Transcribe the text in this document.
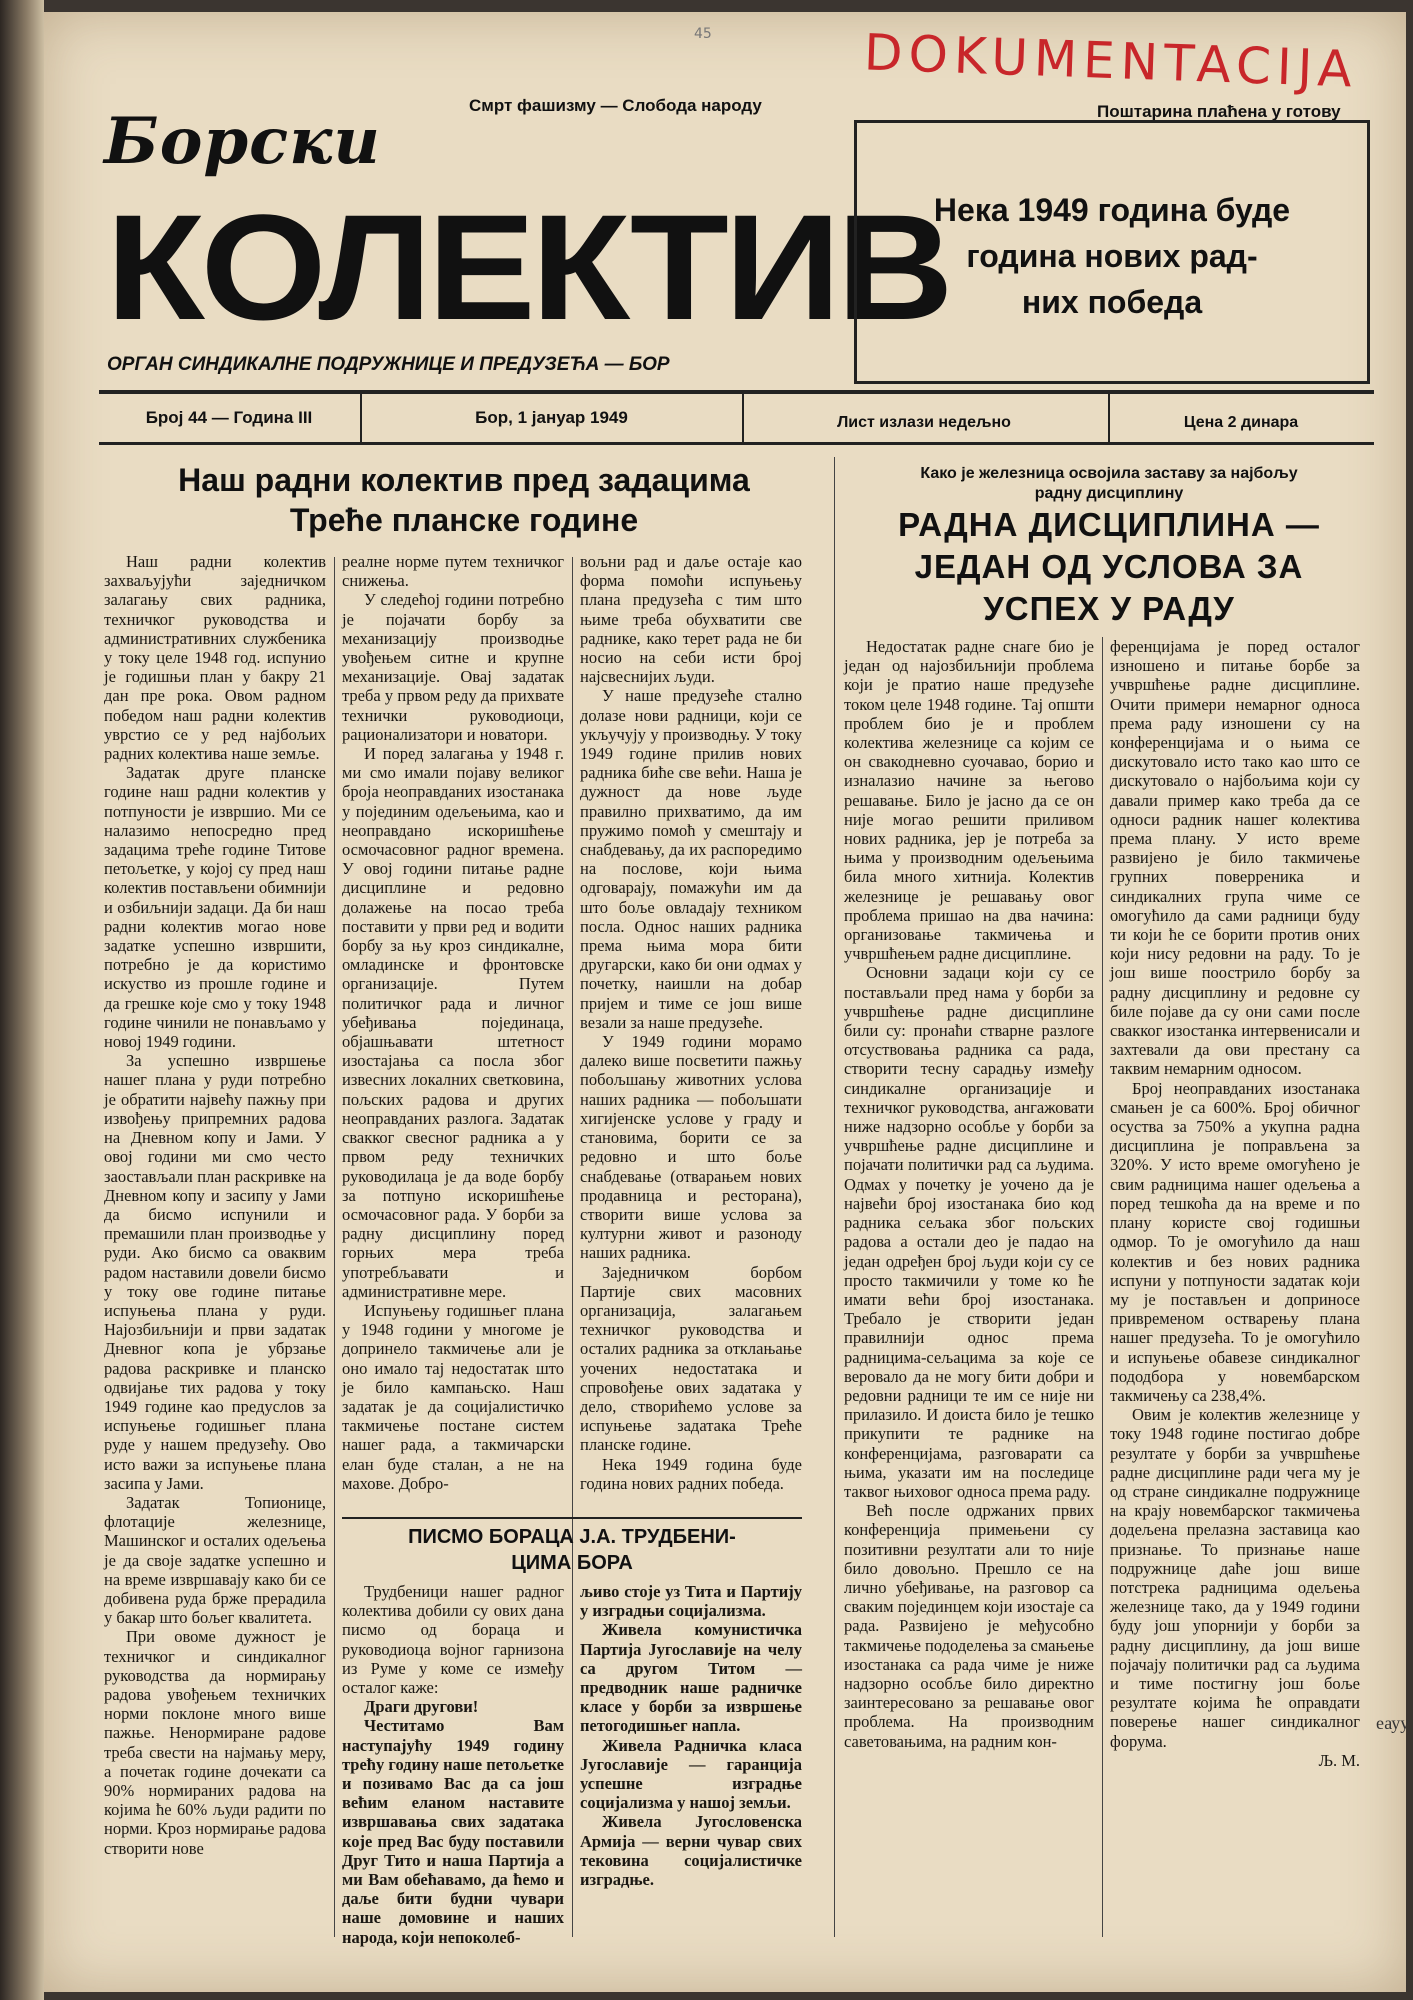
45	DOKUMENTACIJA
Смрт фашизму — Слобода народу	Поштарина плаћена у готову
Борски
КОЛЕКТИВ
ОРГАН СИНДИКАЛНЕ ПОДРУЖНИЦЕ И ПРЕДУЗЕЋА — БОР
Нека 1949 година буде
година нових рад-
них победа
Број 44 — Година III	Бор, 1 јануар 1949	Лист излази недељно	Цена 2 динара
Наш радни колектив пред задацима
Треће планске године

Наш радни колектив захваљујући заједничком залагању свих радника, техничког руководства и административних службеника у току целе 1948 год. испунио је годишњи план у бакру 21 дан пре рока. Овом радном победом наш радни колектив уврстио се у ред најбољих радних колектива наше земље.

Задатак друге планске године наш радни колектив у потпуности је извршио. Ми се налазимо непосредно пред задацима треће године Титове петољетке, у којој су пред наш колектив постављени обимнији и озбиљнији задаци. Да би наш радни колектив могао нове задатке успешно извршити, потребно је да користимо искуство из прошле године и да грешке које смо у току 1948 године чинили не понављамо у новој 1949 години.

За успешно извршење нашег плана у руди потребно је обратити највећу пажњу при извођењу припремних радова на Дневном копу и Јами. У овој години ми смо често заостављали план раскривке на Дневном копу и засипу у Јами да бисмо испунили и премашили план производње у руди. Ако бисмо са оваквим радом наставили довели бисмо у току ове године питање испуњења плана у руди. Најозбиљнији и први задатак Дневног копа је убрзање радова раскривке и планско одвијање тих радова у току 1949 године као предуслов за испуњење годишњег плана руде у нашем предузећу. Ово исто важи за испуњење плана засипа у Јами.

Задатак Топионице, флотације железнице, Машинског и осталих одељења је да своје задатке успешно и на време извршавају како би се добивена руда брже прерадила у бакар што бољег квалитета.

При овоме дужност је техничког и синдикалног руководства да нормирању радова увођењем техничких норми поклоне много више пажње. Ненормиране радове треба свести на најмању меру, а почетак године дочекати са 90% нормираних радова на којима ће 60% људи радити по норми. Кроз нормирање радова створити нове

реалне норме путем техничког снижења.

У следећој години потребно је појачати борбу за механизацију производње увођењем ситне и крупне механизације. Овај задатак треба у првом реду да прихвате технички руководиоци, рационализатори и новатори.

И поред залагања у 1948 г. ми смо имали појаву великог броја неоправданих изостанака у појединим одељењима, као и неоправдано искоришћење осмочасовног радног времена. У овој години питање радне дисциплине и редовно долажење на посао треба поставити у први ред и водити борбу за њу кроз синдикалне, омладинске и фронтовске организације. Путем политичког рада и личног убеђивања појединаца, објашњавати штетност изостајања са посла због извесних локалних светковина, пољских радова и других неоправданих разлога. Задатак свакког свесног радника а у првом реду техничких руководилаца је да воде борбу за потпуно искоришћење осмочасовног рада. У борби за радну дисциплину поред горњих мера треба употребљавати и административне мере.

Испуњењу годишњег плана у 1948 години у многоме је допринело такмичење али је оно имало тај недостатак што је било кампањско. Наш задатак је да социјалистичко такмичење постане систем нашег рада, а такмичарски елан буде сталан, а не на махове. Добро-

вољни рад и даље остаје као форма помоћи испуњењу плана предузећа с тим што њиме треба обухватити све раднике, како терет рада не би носио на себи исти број најсвеснијих људи.

У наше предузеће стално долазе нови радници, који се укључују у производњу. У току 1949 године прилив нових радника биће све већи. Наша је дужност да нове људе правилно прихватимо, да им пружимо помоћ у смештају и снабдевању, да их распоредимо на послове, који њима одговарају, помажући им да што боље овладају техником посла. Однос наших радника према њима мора бити другарски, како би они одмах у почетку, наишли на добар пријем и тиме се још више везали за наше предузеће.

У 1949 години морамо далеко више посветити пажњу побољшању животних услова наших радника — побољшати хигијенске услове у граду и становима, борити се за редовно и што боље снабдевање (отварањем нових продавница и ресторана), створити више услова за културни живот и разоноду наших радника.

Заједничком борбом Партије свих масовних организација, залагањем техничког руководства и осталих радника за отклањање уочених недостатака и спровођење ових задатака у дело, створићемо услове за испуњење задатака Треће планске године.

Нека 1949 година буде година нових радних победа.

ПИСМО БОРАЦА Ј.А. ТРУДБЕНИ-
ЦИМА БОРА

Трудбеници нашег радног колектива добили су ових дана писмо од бораца и руководиоца војног гарнизона из Руме у коме се између осталог каже:

Драги другови!

Честитамо Вам наступајућу 1949 годину трећу годину наше петољетке и позивамо Вас да са још већим еланом наставите извршавања свих задатака које пред Вас буду поставили Друг Тито и наша Партија а ми Вам обећавамо, да ћемо и даље бити будни чувари наше домовине и наших народа, који непоколеб-

љиво стоје уз Тита и Партију у изградњи социјализма.

Живела комунистичка Партија Југославије на челу са другом Титом — предводник наше радничке класе у борби за извршење петогодишњег напла.

Живела Радничка класа Југославије — гаранција успешне изградње социјализма у нашој земљи.

Живела Југословенска Армија — верни чувар свих тековина социјалистичке изградње.

Како је железница освојила заставу за најбољу
радну дисциплину
РАДНА ДИСЦИПЛИНА —
ЈЕДАН ОД УСЛОВА ЗА
УСПЕХ У РАДУ

Недостатак радне снаге био је један од најозбиљнији проблема који је пратио наше предузеће током целе 1948 године. Тај општи проблем био је и проблем колектива железнице са којим се он свакодневно суочавао, борио и изналазио начине за његово решавање. Било је јасно да се он није могао решити приливом нових радника, јер је потреба за њима у производним одељењима била много хитнија. Колектив железнице је решавању овог проблема пришао на два начина: организовање такмичења и учвршћењем радне дисциплине.

Основни задаци који су се постављали пред нама у борби за учвршћење радне дисциплине били су: пронаћи стварне разлоге отсуствовања радника са рада, створити тесну сарадњу између синдикалне организације и техничког руководства, ангажовати ниже надзорно особље у борби за учвршћење радне дисциплине и појачати политички рад са људима. Одмах у почетку је уочено да је највећи број изостанака био код радника сељака због пољских радова а остали део је падао на један одређен број људи који су се просто такмичили у томе ко ће имати већи број изостанака. Требало је створити један правилнији однос према радницима-сељацима за које се веровало да не могу бити добри и редовни радници те им се није ни прилазило. И доиста било је тешко прикупити те раднике на конференцијама, разговарати са њима, указати им на последице таквог њиховог односа према раду.

Већ после одржаних првих конференција примењени су позитивни резултати али то није било довољно. Прешло се на лично убеђивање, на разговор са сваким појединцем који изостаје са рада. Развијено је међусобно такмичење пододелења за смањење изостанака са рада чиме је ниже надзорно особље било директно заинтересовано за решавање овог проблема. На производним саветовањима, на радним кон-

ференцијама је поред осталог изношено и питање борбе за учвршћење радне дисциплине. Очити примери немарног односа према раду изношени су на конференцијама и о њима се дискутовало исто тако као што се дискутовало о најбољима који су давали пример како треба да се односи радник нашег колектива према плану. У исто време развијено је било такмичење групних поверреника и синдикалних група чиме се омогућило да сами радници буду ти који ће се борити против оних који нису редовни на раду. То је још више поострило борбу за радну дисциплину и редовне су биле појаве да су они сами после свакког изостанка интервенисали и захтевали да ови престану са таквим немарним односом.

Број неоправданих изостанака смањен је са 600%. Број обичног осуства за 750% а укупна радна дисциплина је поправљена за 320%. У исто време омогућено је свим радницима нашег одељења а поред тешкоћа да на време и по плану користе свој годишњи одмор. То је омогућило да наш колектив и без нових радника испуни у потпуности задатак који му је постављен и доприносе привременом остварењу плана нашег предузећа. То је омогућило и испуњење обавезе синдикалног пододбора у новембарском такмичењу са 238,4%.

Овим је колектив железнице у току 1948 године постигао добре резултате у борби за учвршћење радне дисциплине ради чега му је од стране синдикалне подружнице на крају новембарског такмичења додељена прелазна заставица као признање. То признање наше подружнице даће још више потстрека радницима одељења железнице такo, да у 1949 години буду још упорнији у борби за радну дисциплину, да још више појачају политички рад са људима и тиме постигну још боље резултате којима ће оправдати поверење нашег синдикалног форума.

Љ. М.

еауу
